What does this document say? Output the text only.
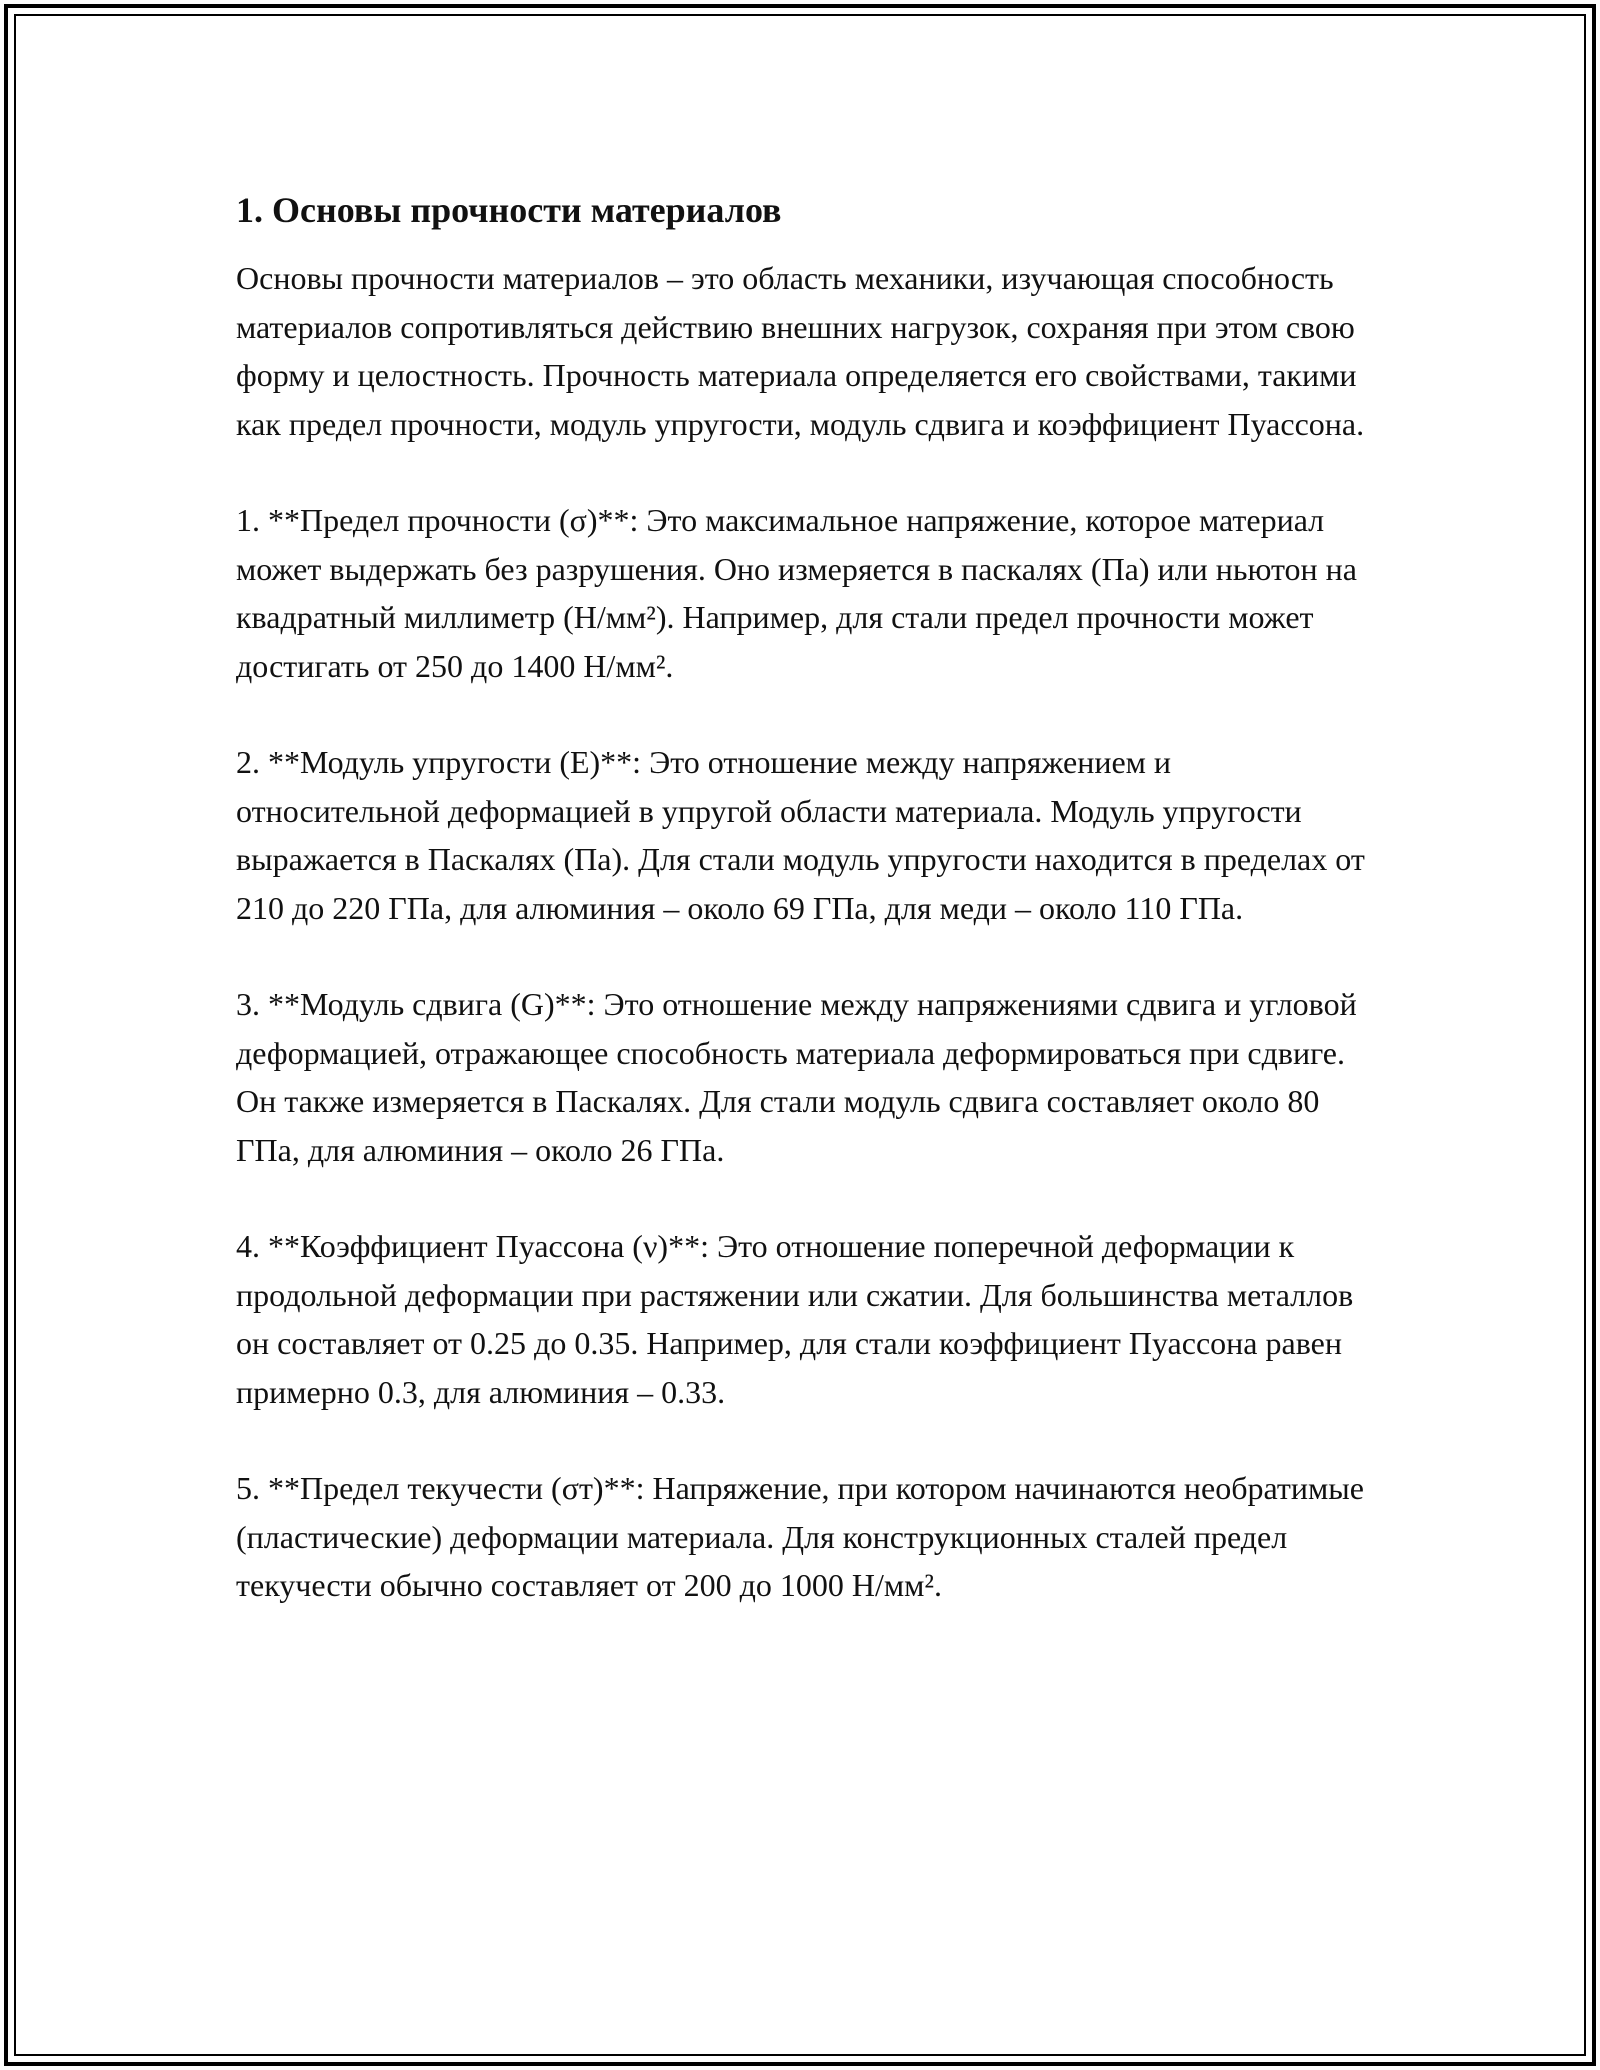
1. Основы прочности материалов

Основы прочности материалов – это область механики, изучающая способность материалов сопротивляться действию внешних нагрузок, сохраняя при этом свою форму и целостность. Прочность материала определяется его свойствами, такими как предел прочности, модуль упругости, модуль сдвига и коэффициент Пуассона.

1. **Предел прочности (σ)**: Это максимальное напряжение, которое материал может выдержать без разрушения. Оно измеряется в паскалях (Па) или ньютон на квадратный миллиметр (Н/мм²). Например, для стали предел прочности может достигать от 250 до 1400 Н/мм².

2. **Модуль упругости (E)**: Это отношение между напряжением и относительной деформацией в упругой области материала. Модуль упругости выражается в Паскалях (Па). Для стали модуль упругости находится в пределах от 210 до 220 ГПа, для алюминия – около 69 ГПа, для меди – около 110 ГПа.

3. **Модуль сдвига (G)**: Это отношение между напряжениями сдвига и угловой деформацией, отражающее способность материала деформироваться при сдвиге. Он также измеряется в Паскалях. Для стали модуль сдвига составляет около 80 ГПа, для алюминия – около 26 ГПа.

4. **Коэффициент Пуассона (ν)**: Это отношение поперечной деформации к продольной деформации при растяжении или сжатии. Для большинства металлов он составляет от 0.25 до 0.35. Например, для стали коэффициент Пуассона равен примерно 0.3, для алюминия – 0.33.

5. **Предел текучести (σт)**: Напряжение, при котором начинаются необратимые (пластические) деформации материала. Для конструкционных сталей предел текучести обычно составляет от 200 до 1000 Н/мм².
